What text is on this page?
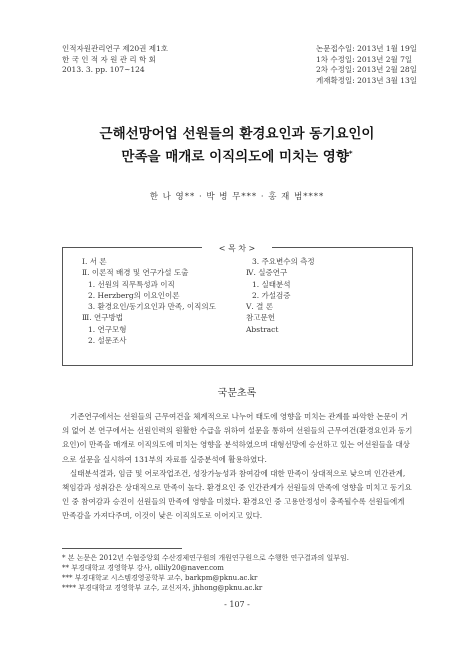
인적자원관리연구 제20권 제1호
한 국 인 적 자 원 관 리 학 회
2013. 3. pp. 107~124
논문접수일: 2013년 1월 19일
1차 수정일: 2013년 2월 7일
2차 수정일: 2013년 2월 28일
게재확정일: 2013년 3월 13일
근해선망어업 선원들의 환경요인과 동기요인이
만족을 매개로 이직의도에 미치는 영향*
한 나 영** · 박 병 무*** · 홍 재 범****
< 목 차 >
Ⅰ. 서 론
Ⅱ. 이론적 배경 및 연구가설 도출
1. 선원의 직무특성과 이직
2. Herzberg의 이요인이론
3. 환경요인/동기요인과 만족, 이직의도
Ⅲ. 연구방법
1. 연구모형
2. 설문조사
3. 주요변수의 측정
Ⅳ. 실증연구
1. 실태분석
2. 가설검증
Ⅴ. 결 론
참고문헌
Abstract
국문초록

기존연구에서는 선원들의 근무여건을 체계적으로 나누어 태도에 영향을 미치는 관계를 파악한 논문이 거의 없어 본 연구에서는 선원인력의 원활한 수급을 위하여 설문을 통하여 선원들의 근무여건(환경요인과 동기요인)이 만족을 매개로 이직의도에 미치는 영향을 분석하였으며 대형선망에 승선하고 있는 어선원들을 대상으로 설문을 실시하여 131부의 자료를 실증분석에 활용하였다.

실태분석결과, 임금 및 어로작업조건, 성장가능성과 참여감에 대한 만족이 상대적으로 낮으며 인간관계, 책임감과 성취감은 상대적으로 만족이 높다. 환경요인 중 인간관계가 선원들의 만족에 영향을 미치고 동기요인 중 참여감과 승진이 선원들의 만족에 영향을 미쳤다. 환경요인 중 고용안정성이 충족될수록 선원들에게 만족감을 가져다주며, 이것이 낮은 이직의도로 이어지고 있다.

* 본 논문은 2012년 수협중앙회 수산경제연구원의 개원연구원으로 수행한 연구결과의 일부임.
** 부경대학교 경영학부 강사, ollily20@naver.com
*** 부경대학교 시스템경영공학부 교수, barkpm@pknu.ac.kr
**** 부경대학교 경영학부 교수, 교신저자, jhhong@pknu.ac.kr
- 107 -
